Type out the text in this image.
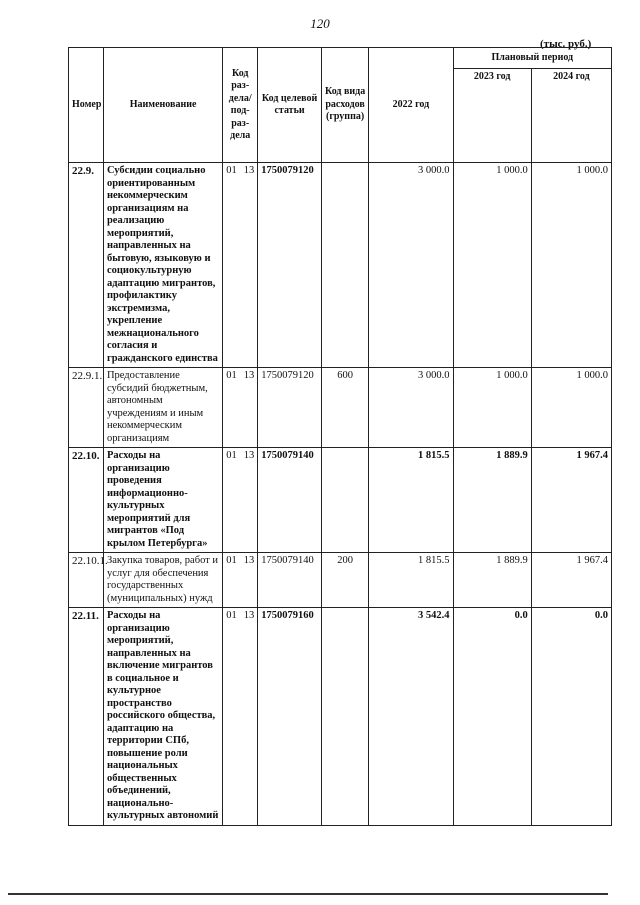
120
(тыс. руб.)
Номер	Наименование	Код раз-дела/ под-раз-дела	Код целевой статьи	Код вида расходов (группа)	2022 год	Плановый период	
						2023 год	2024 год
22.9.	Субсидии социально ориентированным некоммерческим организациям на реализацию мероприятий, направленных на бытовую, языковую и социокультурную адаптацию мигрантов, профилактику экстремизма, укрепление межнационального согласия и гражданского единства	01 13	1750079120		3 000.0	1 000.0	1 000.0
22.9.1.	Предоставление субсидий бюджетным, автономным учреждениям и иным некоммерческим организациям	01 13	1750079120	600	3 000.0	1 000.0	1 000.0
22.10.	Расходы на организацию проведения информационно-культурных мероприятий для мигрантов «Под крылом Петербурга»	01 13	1750079140		1 815.5	1 889.9	1 967.4
22.10.1.	Закупка товаров, работ и услуг для обеспечения государственных (муниципальных) нужд	01 13	1750079140	200	1 815.5	1 889.9	1 967.4
22.11.	Расходы на организацию мероприятий, направленных на включение мигрантов в социальное и культурное пространство российского общества, адаптацию на территории СПб, повышение роли национальных общественных объединений, национально-культурных автономий	01 13	1750079160		3 542.4	0.0	0.0
